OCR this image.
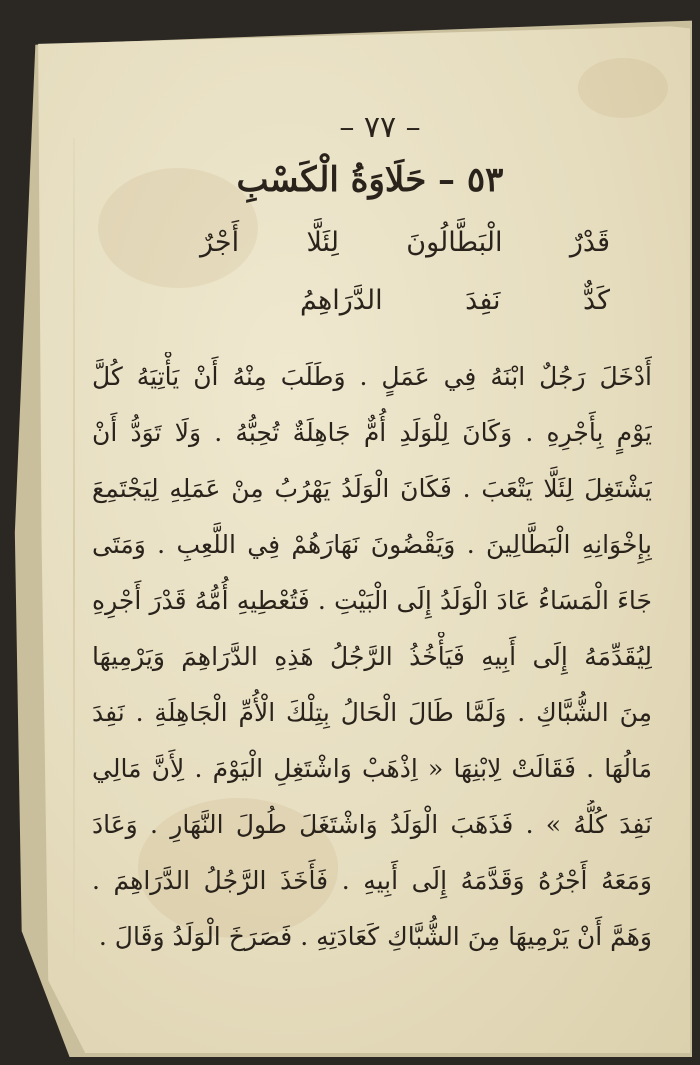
– ٧٧ –
٥٣ – حَلَاوَةُ الْكَسْبِ
أَجْرٌ لِئَلَّا الْبَطَّالُونَ قَدْرٌ
الدَّرَاهِمُ	نَفِدَ	كَدٌّ
أَدْخَلَ رَجُلٌ ابْنَهُ فِي عَمَلٍ . وَطَلَبَ مِنْهُ أَنْ يَأْتِيَهُ كُلَّ
يَوْمٍ بِأَجْرِهِ . وَكَانَ لِلْوَلَدِ أُمٌّ جَاهِلَةٌ تُحِبُّهُ . وَلَا تَوَدُّ أَنْ
يَشْتَغِلَ لِئَلَّا يَتْعَبَ . فَكَانَ الْوَلَدُ يَهْرُبُ مِنْ عَمَلِهِ لِيَجْتَمِعَ
بِإِخْوَانِهِ الْبَطَّالِينَ . وَيَقْضُونَ نَهَارَهُمْ فِي اللَّعِبِ . وَمَتَى
جَاءَ الْمَسَاءُ عَادَ الْوَلَدُ إِلَى الْبَيْتِ . فَتُعْطِيهِ أُمُّهُ قَدْرَ أَجْرِهِ
لِيُقَدِّمَهُ إِلَى أَبِيهِ فَيَأْخُذُ الرَّجُلُ هَذِهِ الدَّرَاهِمَ وَيَرْمِيهَا
مِنَ الشُّبَّاكِ . وَلَمَّا طَالَ الْحَالُ بِتِلْكَ الْأُمِّ الْجَاهِلَةِ . نَفِدَ
مَالُهَا . فَقَالَتْ لِابْنِهَا « اِذْهَبْ وَاشْتَغِلِ الْيَوْمَ . لِأَنَّ مَالِي
نَفِدَ كُلُّهُ » . فَذَهَبَ الْوَلَدُ وَاشْتَغَلَ طُولَ النَّهَارِ . وَعَادَ
وَمَعَهُ أَجْرُهُ وَقَدَّمَهُ إِلَى أَبِيهِ . فَأَخَذَ الرَّجُلُ الدَّرَاهِمَ .
وَهَمَّ أَنْ يَرْمِيهَا مِنَ الشُّبَّاكِ كَعَادَتِهِ . فَصَرَخَ الْوَلَدُ وَقَالَ .
